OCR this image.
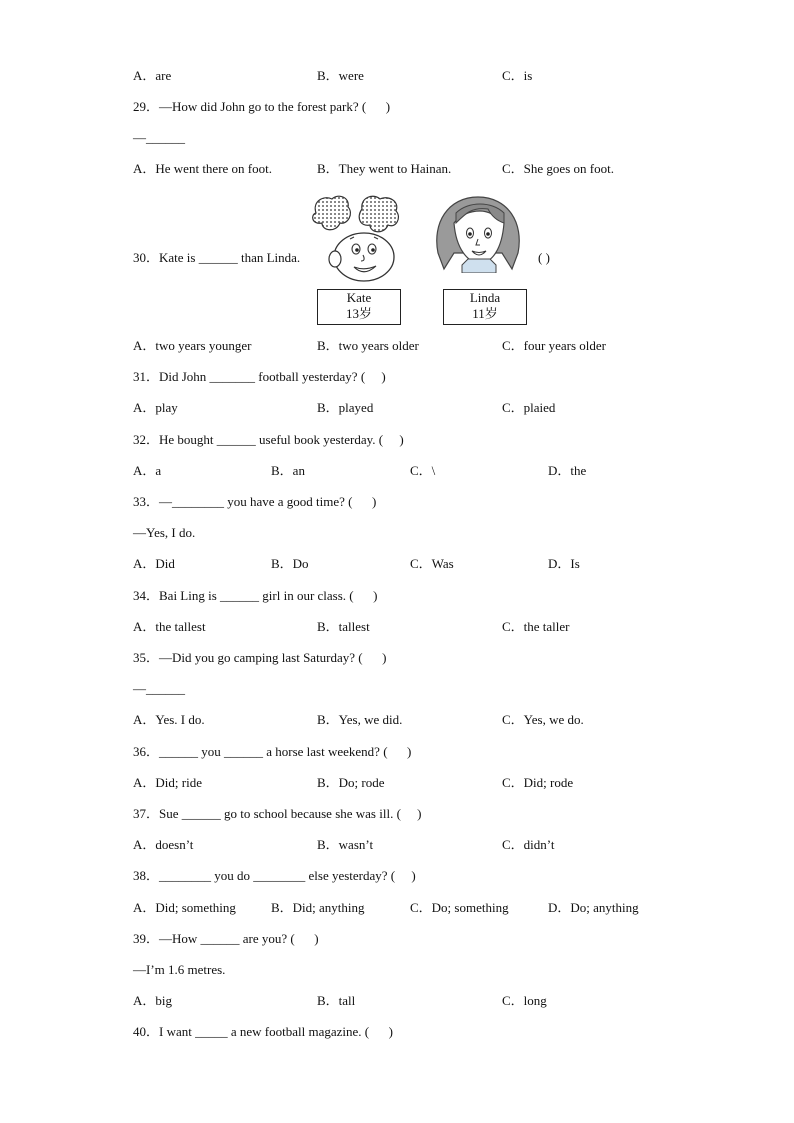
A．are	B．were	C．is
29．—How did John go to the forest park? (      )
—______
A．He went there on foot.	B．They went to Hainan.	C．She goes on foot.
30．Kate is ______ than Linda.	( )
Kate
13岁
Linda
11岁
A．two years younger	B．two years older	C．four years older
31．Did John _______ football yesterday? (     )
A．play	B．played	C．plaied
32．He bought ______ useful book yesterday. (     )
A．a	B．an	C．\	D．the
33．—________ you have a good time? (      )
—Yes, I do.
A．Did	B．Do	C．Was	D．Is
34．Bai Ling is ______ girl in our class. (      )
A．the tallest	B．tallest	C．the taller
35．—Did you go camping last Saturday? (      )
—______
A．Yes. I do.	B．Yes, we did.	C．Yes, we do.
36．______ you ______ a horse last weekend? (      )
A．Did; ride	B．Do; rode	C．Did; rode
37．Sue ______ go to school because she was ill. (     )
A．doesn’t	B．wasn’t	C．didn’t
38．________ you do ________ else yesterday? (     )
A．Did; something	B．Did; anything	C．Do; something	D．Do; anything
39．—How ______ are you? (      )
—I’m 1.6 metres.
A．big	B．tall	C．long
40．I want _____ a new football magazine. (      )
